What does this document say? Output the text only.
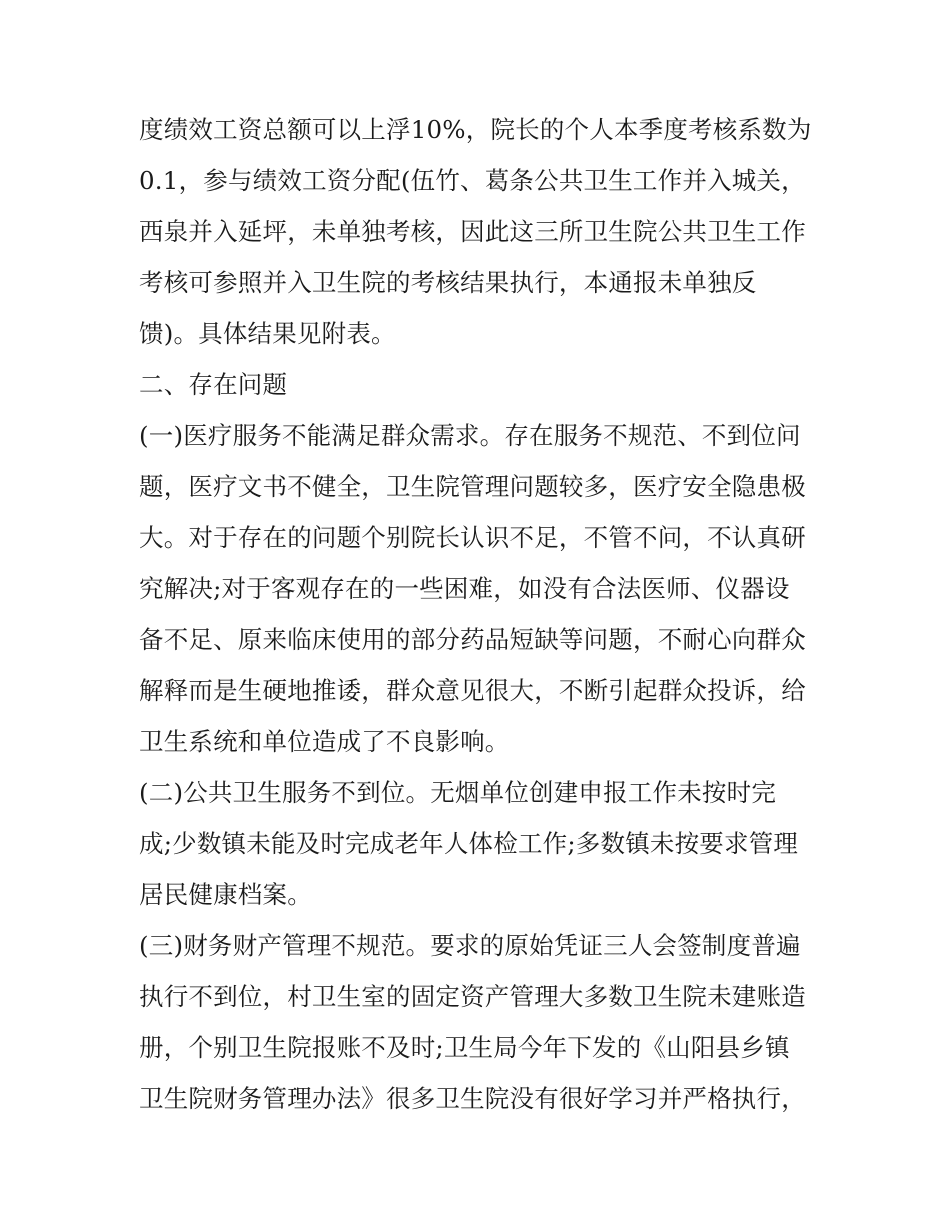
度绩效工资总额可以上浮10%，院长的个人本季度考核系数为
0.1，参与绩效工资分配(伍竹、葛条公共卫生工作并入城关，
西泉并入延坪，未单独考核，因此这三所卫生院公共卫生工作
考核可参照并入卫生院的考核结果执行，本通报未单独反
馈)。具体结果见附表。
二、存在问题
(一)医疗服务不能满足群众需求。存在服务不规范、不到位问
题，医疗文书不健全，卫生院管理问题较多，医疗安全隐患极
大。对于存在的问题个别院长认识不足，不管不问，不认真研
究解决;对于客观存在的一些困难，如没有合法医师、仪器设
备不足、原来临床使用的部分药品短缺等问题，不耐心向群众
解释而是生硬地推诿，群众意见很大，不断引起群众投诉，给
卫生系统和单位造成了不良影响。
(二)公共卫生服务不到位。无烟单位创建申报工作未按时完
成;少数镇未能及时完成老年人体检工作;多数镇未按要求管理
居民健康档案。
(三)财务财产管理不规范。要求的原始凭证三人会签制度普遍
执行不到位，村卫生室的固定资产管理大多数卫生院未建账造
册，个别卫生院报账不及时;卫生局今年下发的《山阳县乡镇
卫生院财务管理办法》很多卫生院没有很好学习并严格执行，
